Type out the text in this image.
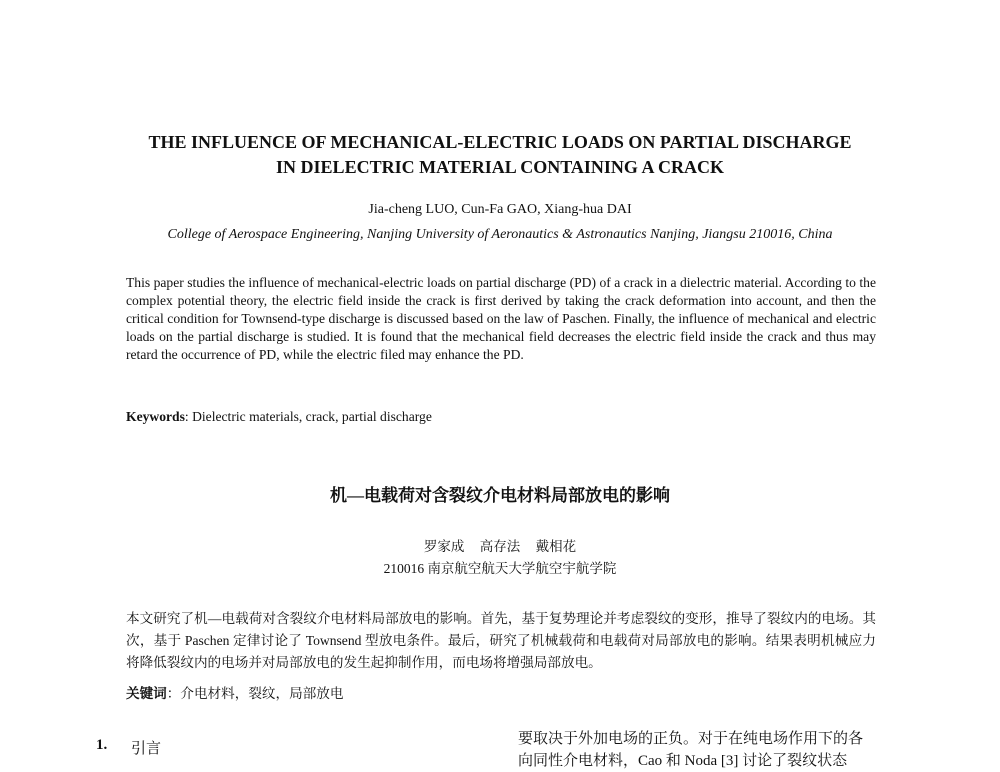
THE INFLUENCE OF MECHANICAL-ELECTRIC LOADS ON PARTIAL DISCHARGE
IN DIELECTRIC MATERIAL CONTAINING A CRACK
Jia-cheng LUO, Cun-Fa GAO, Xiang-hua DAI
College of Aerospace Engineering, Nanjing University of Aeronautics & Astronautics Nanjing, Jiangsu 210016, China
This paper studies the influence of mechanical-electric loads on partial discharge (PD) of a crack in a dielectric material. According to the complex potential theory, the electric field inside the crack is first derived by taking the crack deformation into account, and then the critical condition for Townsend-type discharge is discussed based on the law of Paschen. Finally, the influence of mechanical and electric loads on the partial discharge is studied. It is found that the mechanical field decreases the electric field inside the crack and thus may retard the occurrence of PD, while the electric filed may enhance the PD.
Keywords: Dielectric materials, crack, partial discharge
机—电载荷对含裂纹介电材料局部放电的影响
罗家成 高存法 戴相花
210016 南京航空航天大学航空宇航学院
本文研究了机—电载荷对含裂纹介电材料局部放电的影响。首先，基于复势理论并考虑裂纹的变形，推导了裂纹内的电场。其次，基于 Paschen 定律讨论了 Townsend 型放电条件。最后，研究了机械载荷和电载荷对局部放电的影响。结果表明机械应力将降低裂纹内的电场并对局部放电的发生起抑制作用，而电场将增强局部放电。
关键词：介电材料，裂纹，局部放电
1. 引言
要取决于外加电场的正负。对于在纯电场作用下的各
向同性介电材料，Cao 和 Noda [3] 讨论了裂纹状态
